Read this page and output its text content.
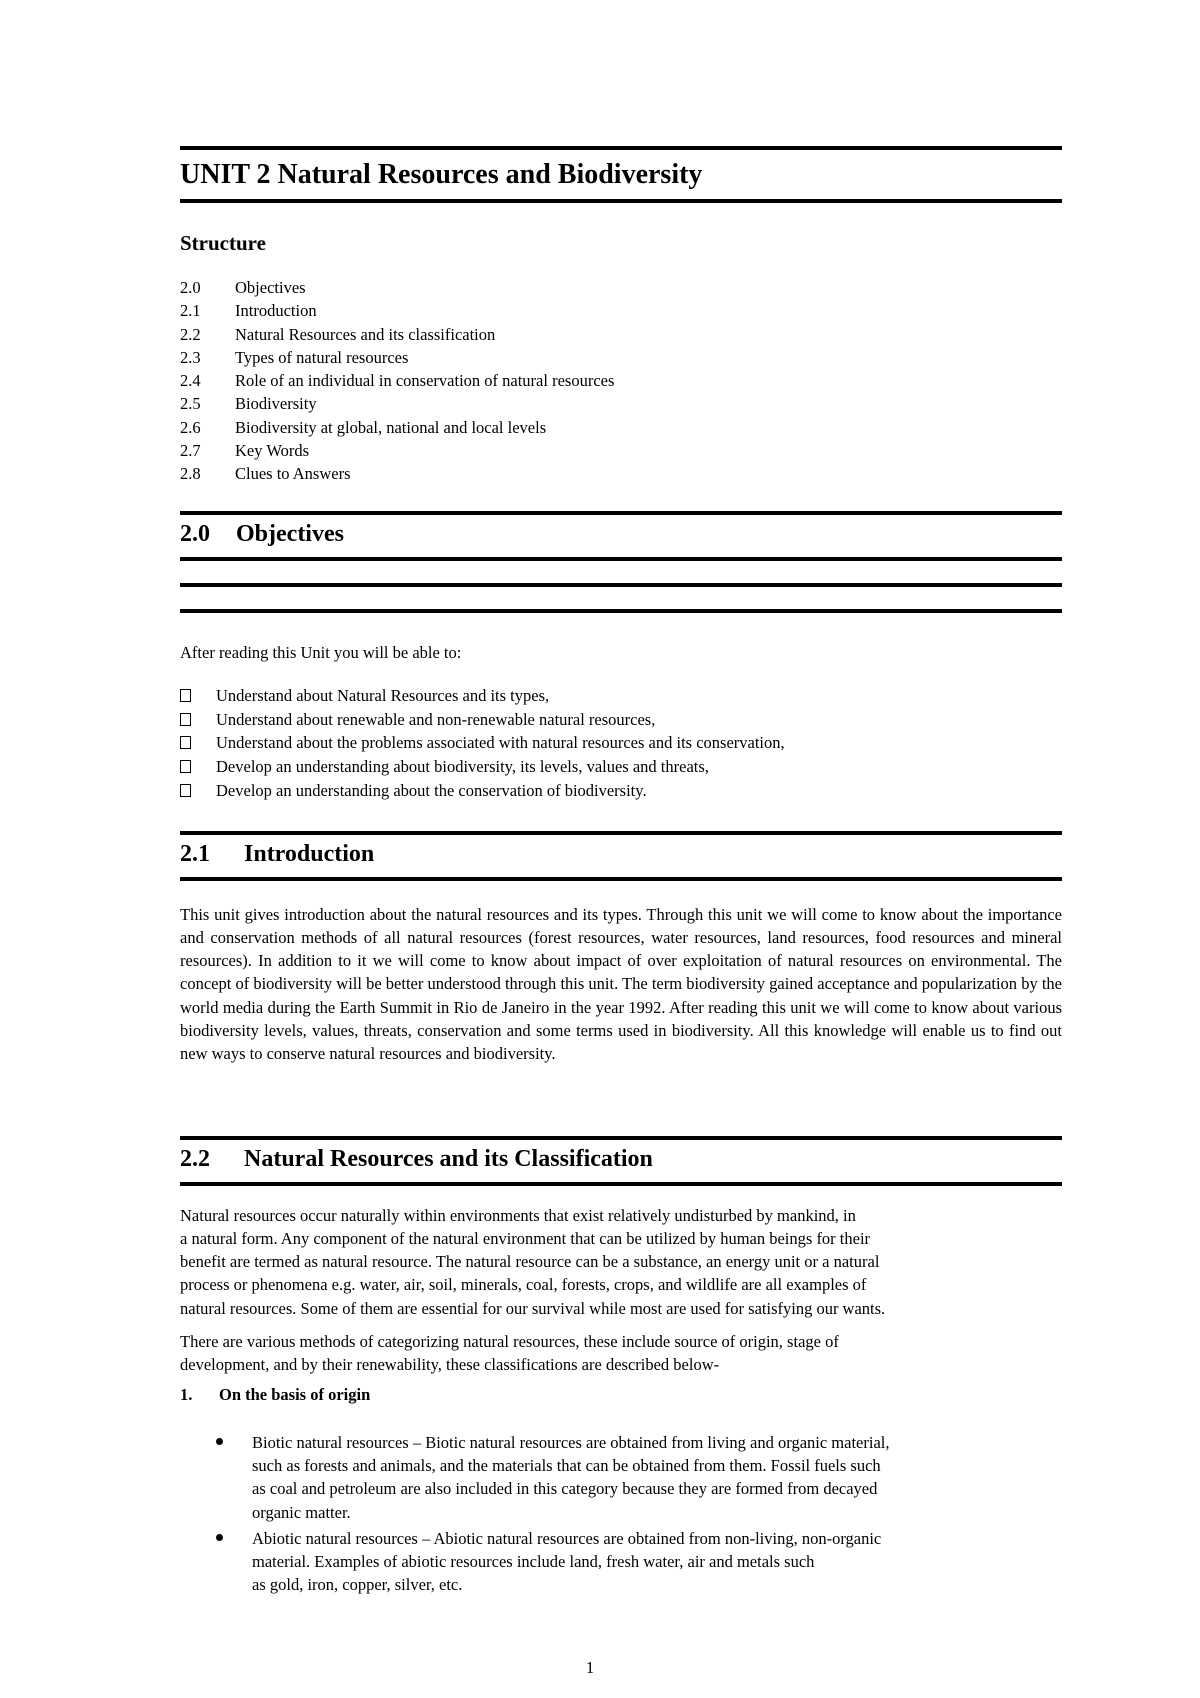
UNIT 2 Natural Resources and Biodiversity
Structure
2.0	Objectives
2.1	Introduction
2.2	Natural Resources and its classification
2.3	Types of natural resources
2.4	Role of an individual in conservation of natural resources
2.5	Biodiversity
2.6	Biodiversity at global, national and local levels
2.7	Key Words
2.8	Clues to Answers
2.0 Objectives
After reading this Unit you will be able to:
Understand about Natural Resources and its types,
Understand about renewable and non-renewable natural resources,
Understand about the problems associated with natural resources and its conservation,
Develop an understanding about biodiversity, its levels, values and threats,
Develop an understanding about the conservation of biodiversity.
2.1 Introduction
This unit gives introduction about the natural resources and its types. Through this unit we will come to know about the importance and conservation methods of all natural resources (forest resources, water resources, land resources, food resources and mineral resources). In addition to it we will come to know about impact of over exploitation of natural resources on environmental. The concept of biodiversity will be better understood through this unit. The term biodiversity gained acceptance and popularization by the world media during the Earth Summit in Rio de Janeiro in the year 1992. After reading this unit we will come to know about various biodiversity levels, values, threats, conservation and some terms used in biodiversity. All this knowledge will enable us to find out new ways to conserve natural resources and biodiversity.
2.2 Natural Resources and its Classification
Natural resources occur naturally within environments that exist relatively undisturbed by mankind, in
a natural form. Any component of the natural environment that can be utilized by human beings for their
benefit are termed as natural resource. The natural resource can be a substance, an energy unit or a natural
process or phenomena e.g. water, air, soil, minerals, coal, forests, crops, and wildlife are all examples of
natural resources. Some of them are essential for our survival while most are used for satisfying our wants.
There are various methods of categorizing natural resources, these include source of origin, stage of
development, and by their renewability, these classifications are described below-
1.	On the basis of origin
Biotic natural resources – Biotic natural resources are obtained from living and organic material,
such as forests and animals, and the materials that can be obtained from them. Fossil fuels such
as coal and petroleum are also included in this category because they are formed from decayed
organic matter.
Abiotic natural resources – Abiotic natural resources are obtained from non-living, non-organic
material. Examples of abiotic resources include land, fresh water, air and metals such
as gold, iron, copper, silver, etc.
1
